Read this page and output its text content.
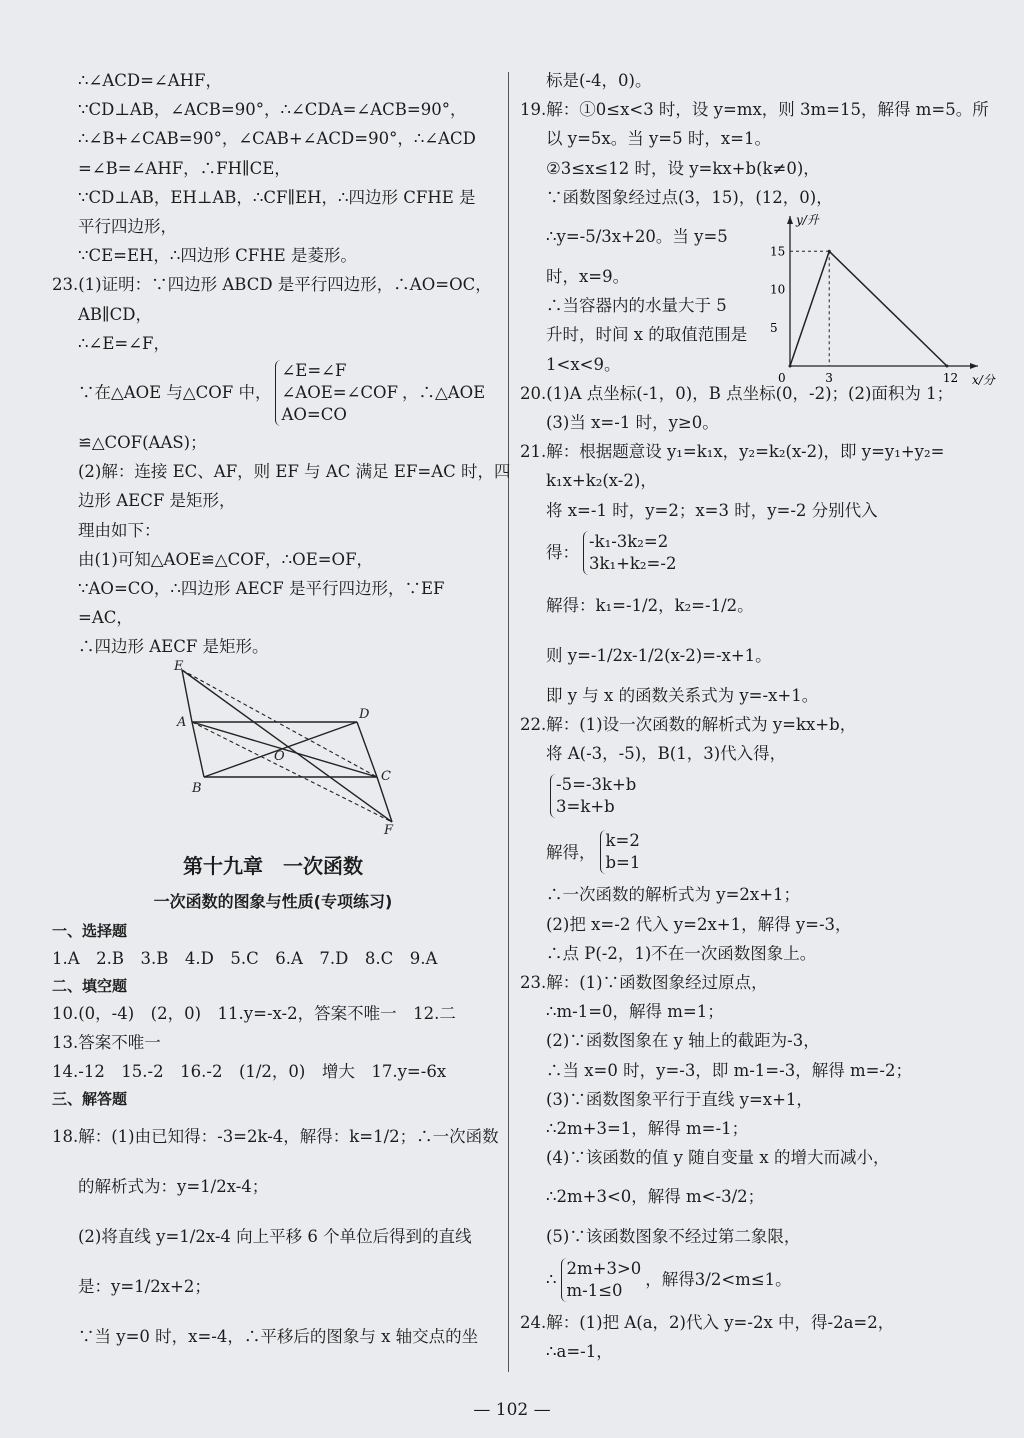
∴∠ACD=∠AHF，
∵CD⊥AB，∠ACB=90°，∴∠CDA=∠ACB=90°，
∴∠B+∠CAB=90°，∠CAB+∠ACD=90°，∴∠ACD
=∠B=∠AHF，∴FH∥CE，
∵CD⊥AB，EH⊥AB，∴CF∥EH，∴四边形 CFHE 是
平行四边形，
∵CE=EH，∴四边形 CFHE 是菱形。
23.(1)证明：∵四边形 ABCD 是平行四边形，∴AO=OC，
AB∥CD，
∴∠E=∠F，
∵在△AOE 与△COF 中，
∠E=∠F
∠AOE=∠COF
AO=CO
，∴△AOE
≌△COF(AAS)；
(2)解：连接 EC、AF，则 EF 与 AC 满足 EF=AC 时，四
边形 AECF 是矩形，
理由如下：
由(1)可知△AOE≌△COF，∴OE=OF，
∵AO=CO，∴四边形 AECF 是平行四边形，∵EF
=AC，
∴四边形 AECF 是矩形。
E
A
D
O
B
C
F
第十九章　一次函数
一次函数的图象与性质(专项练习)
一、选择题
1.A　2.B　3.B　4.D　5.C　6.A　7.D　8.C　9.A
二、填空题
10.(0，-4)　(2，0)　11.y=-x-2，答案不唯一　12.二
13.答案不唯一
14.-12　15.-2　16.-2　(1/2，0)　增大　17.y=-6x
三、解答题
18.解：(1)由已知得：-3=2k-4，解得：k=1/2；∴一次函数
的解析式为：y=1/2x-4；
(2)将直线 y=1/2x-4 向上平移 6 个单位后得到的直线
是：y=1/2x+2；
∵当 y=0 时，x=-4，∴平移后的图象与 x 轴交点的坐
标是(-4，0)。
19.解：①0≤x<3 时，设 y=mx，则 3m=15，解得 m=5。所
以 y=5x。当 y=5 时，x=1。
②3≤x≤12 时，设 y=kx+b(k≠0)，
∵函数图象经过点(3，15)，(12，0)，
∴y=-5/3x+20。当 y=5
时，x=9。
∴当容器内的水量大于 5
升时，时间 x 的取值范围是
1<x<9。
20.(1)A 点坐标(-1，0)，B 点坐标(0，-2)；(2)面积为 1；
(3)当 x=-1 时，y≥0。
21.解：根据题意设 y₁=k₁x，y₂=k₂(x-2)，即 y=y₁+y₂=
k₁x+k₂(x-2)，
将 x=-1 时，y=2；x=3 时，y=-2 分别代入
得：
-k₁-3k₂=2
3k₁+k₂=-2
解得：k₁=-1/2，k₂=-1/2。
则 y=-1/2x-1/2(x-2)=-x+1。
即 y 与 x 的函数关系式为 y=-x+1。
22.解：(1)设一次函数的解析式为 y=kx+b，
将 A(-3，-5)，B(1，3)代入得，
-5=-3k+b
3=k+b
解得，
k=2
b=1
∴一次函数的解析式为 y=2x+1；
(2)把 x=-2 代入 y=2x+1，解得 y=-3，
∴点 P(-2，1)不在一次函数图象上。
23.解：(1)∵函数图象经过原点，
∴m-1=0，解得 m=1；
(2)∵函数图象在 y 轴上的截距为-3，
∴当 x=0 时，y=-3，即 m-1=-3，解得 m=-2；
(3)∵函数图象平行于直线 y=x+1，
∴2m+3=1，解得 m=-1；
(4)∵该函数的值 y 随自变量 x 的增大而减小，
∴2m+3<0，解得 m<-3/2；
(5)∵该函数图象不经过第二象限，
∴
2m+3>0
m-1≤0
，解得3/2<m≤1。
24.解：(1)把 A(a，2)代入 y=-2x 中，得-2a=2，
∴a=-1，
x/分
y/升
0	3	12
5
10
15
— 102 —
